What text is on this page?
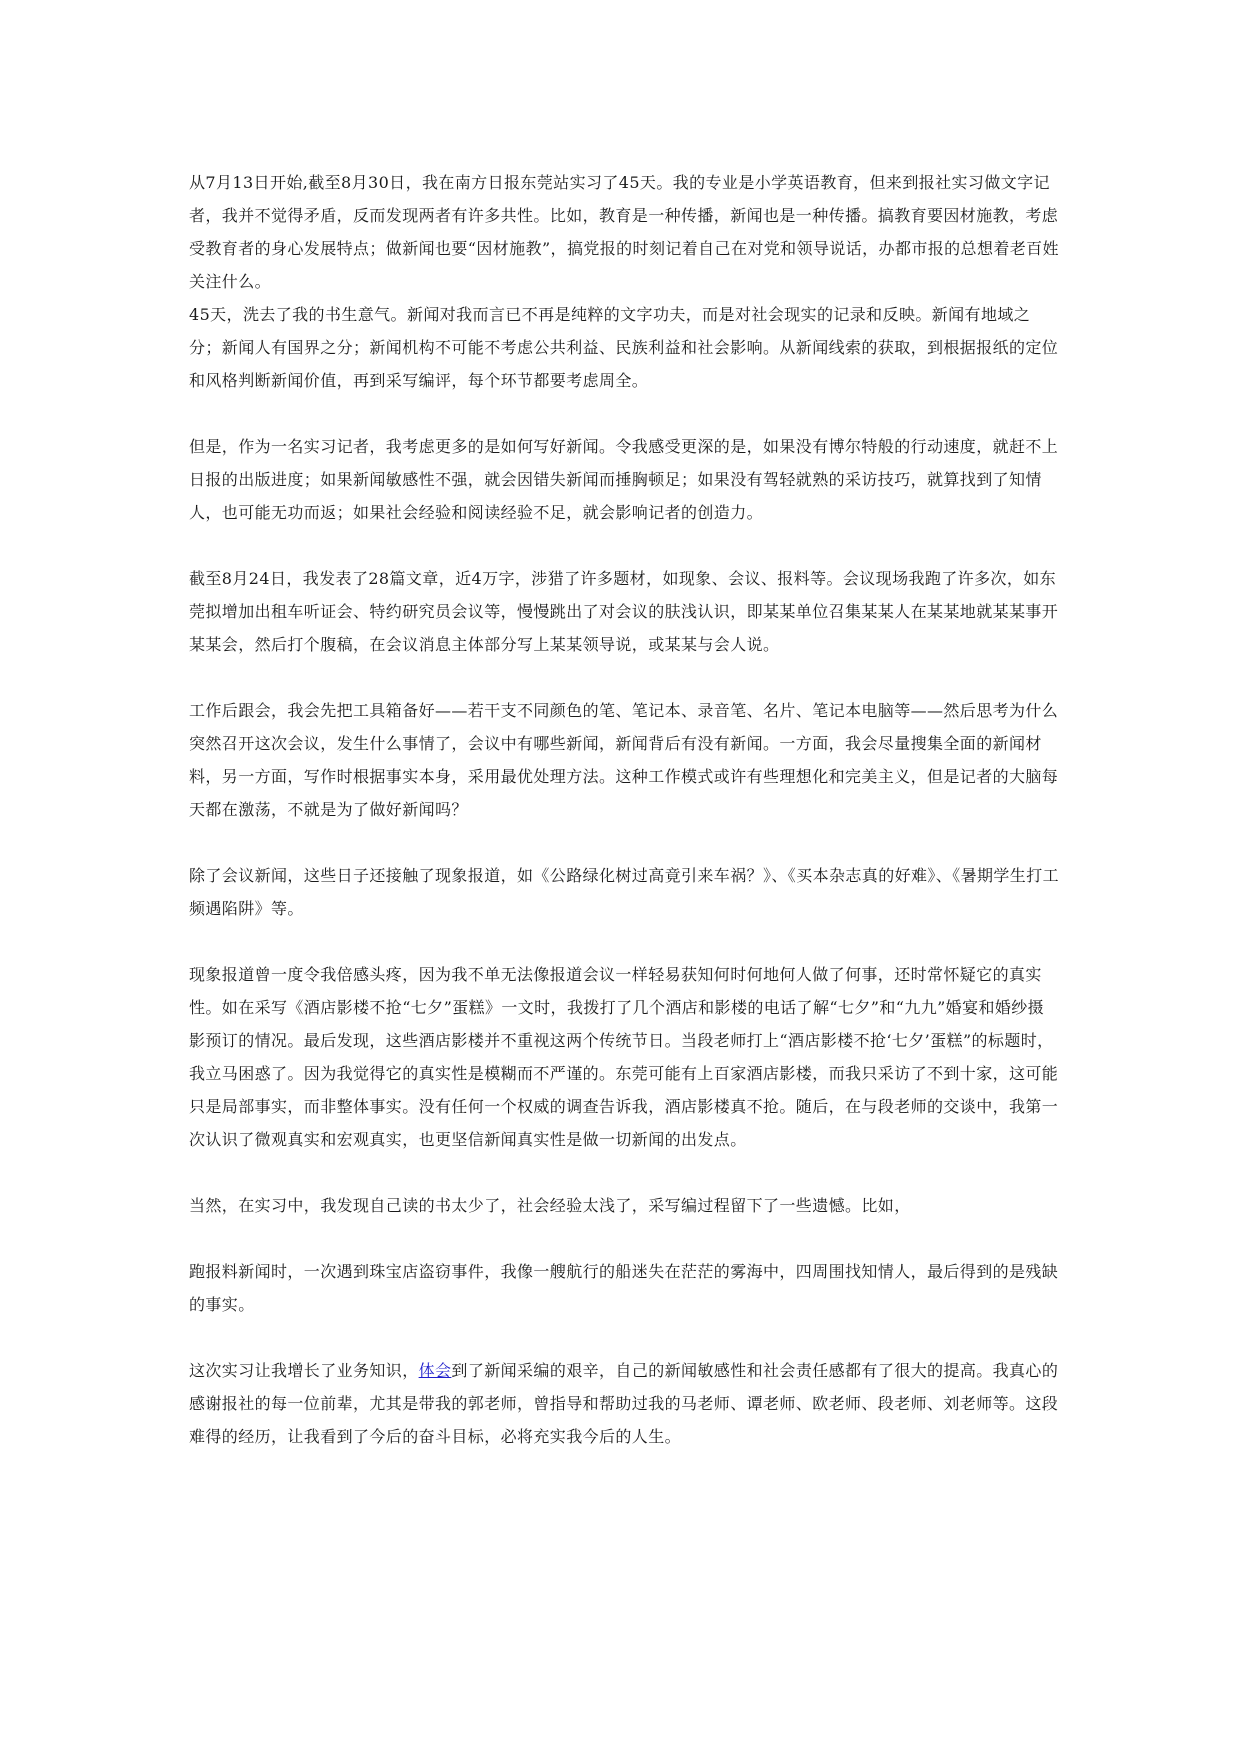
从7月13日开始,截至8月30日，我在南方日报东莞站实习了45天。我的专业是小学英语教育，但来到报社实习做文字记者，我并不觉得矛盾，反而发现两者有许多共性。比如，教育是一种传播，新闻也是一种传播。搞教育要因材施教，考虑受教育者的身心发展特点；做新闻也要“因材施教”，搞党报的时刻记着自己在对党和领导说话，办都市报的总想着老百姓关注什么。

45天，洗去了我的书生意气。新闻对我而言已不再是纯粹的文字功夫，而是对社会现实的记录和反映。新闻有地域之分；新闻人有国界之分；新闻机构不可能不考虑公共利益、民族利益和社会影响。从新闻线索的获取，到根据报纸的定位和风格判断新闻价值，再到采写编评，每个环节都要考虑周全。

但是，作为一名实习记者，我考虑更多的是如何写好新闻。令我感受更深的是，如果没有博尔特般的行动速度，就赶不上日报的出版进度；如果新闻敏感性不强，就会因错失新闻而捶胸顿足；如果没有驾轻就熟的采访技巧，就算找到了知情人，也可能无功而返；如果社会经验和阅读经验不足，就会影响记者的创造力。

截至8月24日，我发表了28篇文章，近4万字，涉猎了许多题材，如现象、会议、报料等。会议现场我跑了许多次，如东莞拟增加出租车听证会、特约研究员会议等，慢慢跳出了对会议的肤浅认识，即某某单位召集某某人在某某地就某某事开某某会，然后打个腹稿，在会议消息主体部分写上某某领导说，或某某与会人说。

工作后跟会，我会先把工具箱备好——若干支不同颜色的笔、笔记本、录音笔、名片、笔记本电脑等——然后思考为什么突然召开这次会议，发生什么事情了，会议中有哪些新闻，新闻背后有没有新闻。一方面，我会尽量搜集全面的新闻材料，另一方面，写作时根据事实本身，采用最优处理方法。这种工作模式或许有些理想化和完美主义，但是记者的大脑每天都在激荡，不就是为了做好新闻吗？

除了会议新闻，这些日子还接触了现象报道，如《公路绿化树过高竟引来车祸？》、《买本杂志真的好难》、《暑期学生打工频遇陷阱》等。

现象报道曾一度令我倍感头疼，因为我不单无法像报道会议一样轻易获知何时何地何人做了何事，还时常怀疑它的真实性。如在采写《酒店影楼不抢“七夕”蛋糕》一文时，我拨打了几个酒店和影楼的电话了解“七夕”和“九九”婚宴和婚纱摄影预订的情况。最后发现，这些酒店影楼并不重视这两个传统节日。当段老师打上“酒店影楼不抢‘七夕’蛋糕”的标题时，我立马困惑了。因为我觉得它的真实性是模糊而不严谨的。东莞可能有上百家酒店影楼，而我只采访了不到十家，这可能只是局部事实，而非整体事实。没有任何一个权威的调查告诉我，酒店影楼真不抢。随后，在与段老师的交谈中，我第一次认识了微观真实和宏观真实，也更坚信新闻真实性是做一切新闻的出发点。

当然，在实习中，我发现自己读的书太少了，社会经验太浅了，采写编过程留下了一些遗憾。比如，

跑报料新闻时，一次遇到珠宝店盗窃事件，我像一艘航行的船迷失在茫茫的雾海中，四周围找知情人，最后得到的是残缺的事实。

这次实习让我增长了业务知识，体会到了新闻采编的艰辛，自己的新闻敏感性和社会责任感都有了很大的提高。我真心的感谢报社的每一位前辈，尤其是带我的郭老师，曾指导和帮助过我的马老师、谭老师、欧老师、段老师、刘老师等。这段难得的经历，让我看到了今后的奋斗目标，必将充实我今后的人生。
